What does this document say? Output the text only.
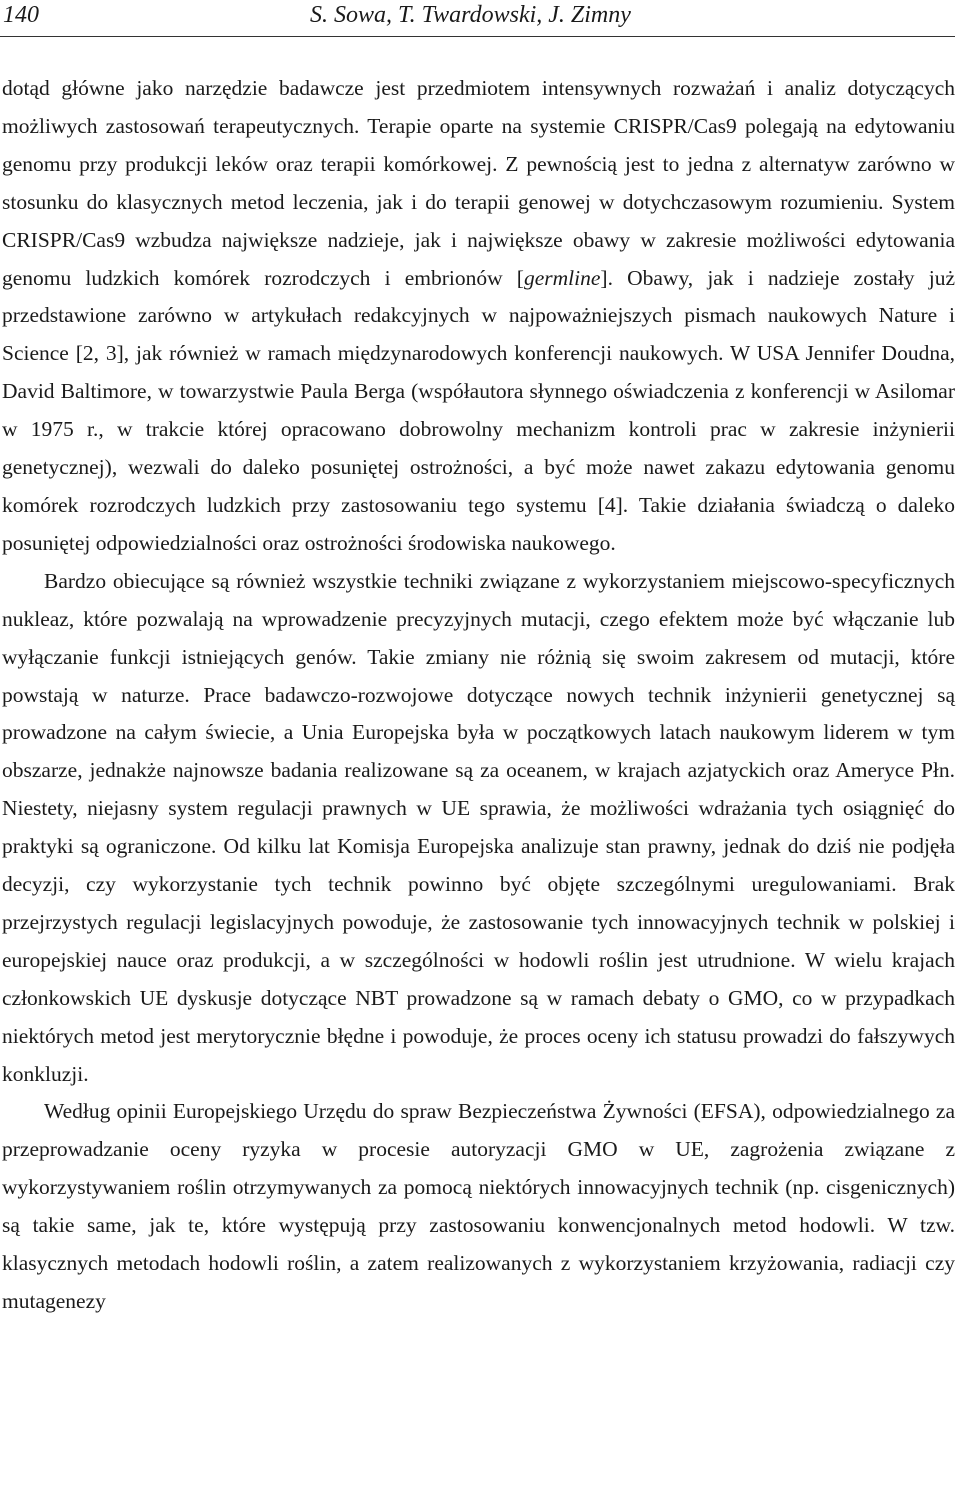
140	S. Sowa, T. Twardowski, J. Zimny

dotąd główne jako narzędzie badawcze jest przedmiotem intensywnych rozważań i analiz dotyczących możliwych zastosowań terapeutycznych. Terapie oparte na systemie CRISPR/Cas9 polegają na edytowaniu genomu przy produkcji leków oraz terapii komórkowej. Z pewnością jest to jedna z alternatyw zarówno w stosunku do klasycznych metod leczenia, jak i do terapii genowej w dotychczasowym rozumieniu. System CRISPR/Cas9 wzbudza największe nadzieje, jak i największe obawy w zakresie możliwości edytowania genomu ludzkich komórek rozrodczych i embrionów [germline]. Obawy, jak i nadzieje zostały już przedstawione zarówno w artykułach redakcyjnych w najpoważniejszych pismach naukowych Nature i Science [2, 3], jak również w ramach międzynarodowych konferencji naukowych. W USA Jennifer Doudna, David Baltimore, w towarzystwie Paula Berga (współautora słynnego oświadczenia z konferencji w Asilomar w 1975 r., w trakcie której opracowano dobrowolny mechanizm kontroli prac w zakresie inżynierii genetycznej), wezwali do daleko posuniętej ostrożności, a być może nawet zakazu edytowania genomu komórek rozrodczych ludzkich przy zastosowaniu tego systemu [4]. Takie działania świadczą o daleko posuniętej odpowiedzialności oraz ostrożności środowiska naukowego.

Bardzo obiecujące są również wszystkie techniki związane z wykorzystaniem miejscowo-specyficznych nukleaz, które pozwalają na wprowadzenie precyzyjnych mutacji, czego efektem może być włączanie lub wyłączanie funkcji istniejących genów. Takie zmiany nie różnią się swoim zakresem od mutacji, które powstają w naturze. Prace badawczo-rozwojowe dotyczące nowych technik inżynierii genetycznej są prowadzone na całym świecie, a Unia Europejska była w początkowych latach naukowym liderem w tym obszarze, jednakże najnowsze badania realizowane są za oceanem, w krajach azjatyckich oraz Ameryce Płn. Niestety, niejasny system regulacji prawnych w UE sprawia, że możliwości wdrażania tych osiągnięć do praktyki są ograniczone. Od kilku lat Komisja Europejska analizuje stan prawny, jednak do dziś nie podjęła decyzji, czy wykorzystanie tych technik powinno być objęte szczególnymi uregulowaniami. Brak przejrzystych regulacji legislacyjnych powoduje, że zastosowanie tych innowacyjnych technik w polskiej i europejskiej nauce oraz produkcji, a w szczególności w hodowli roślin jest utrudnione. W wielu krajach członkowskich UE dyskusje dotyczące NBT prowadzone są w ramach debaty o GMO, co w przypadkach niektórych metod jest merytorycznie błędne i powoduje, że proces oceny ich statusu prowadzi do fałszywych konkluzji.

Według opinii Europejskiego Urzędu do spraw Bezpieczeństwa Żywności (EFSA), odpowiedzialnego za przeprowadzanie oceny ryzyka w procesie autoryzacji GMO w UE, zagrożenia związane z wykorzystywaniem roślin otrzymywanych za pomocą niektórych innowacyjnych technik (np. cisgenicznych) są takie same, jak te, które występują przy zastosowaniu konwencjonalnych metod hodowli. W tzw. klasycznych metodach hodowli roślin, a zatem realizowanych z wykorzystaniem krzyżowania, radiacji czy mutagenezy
